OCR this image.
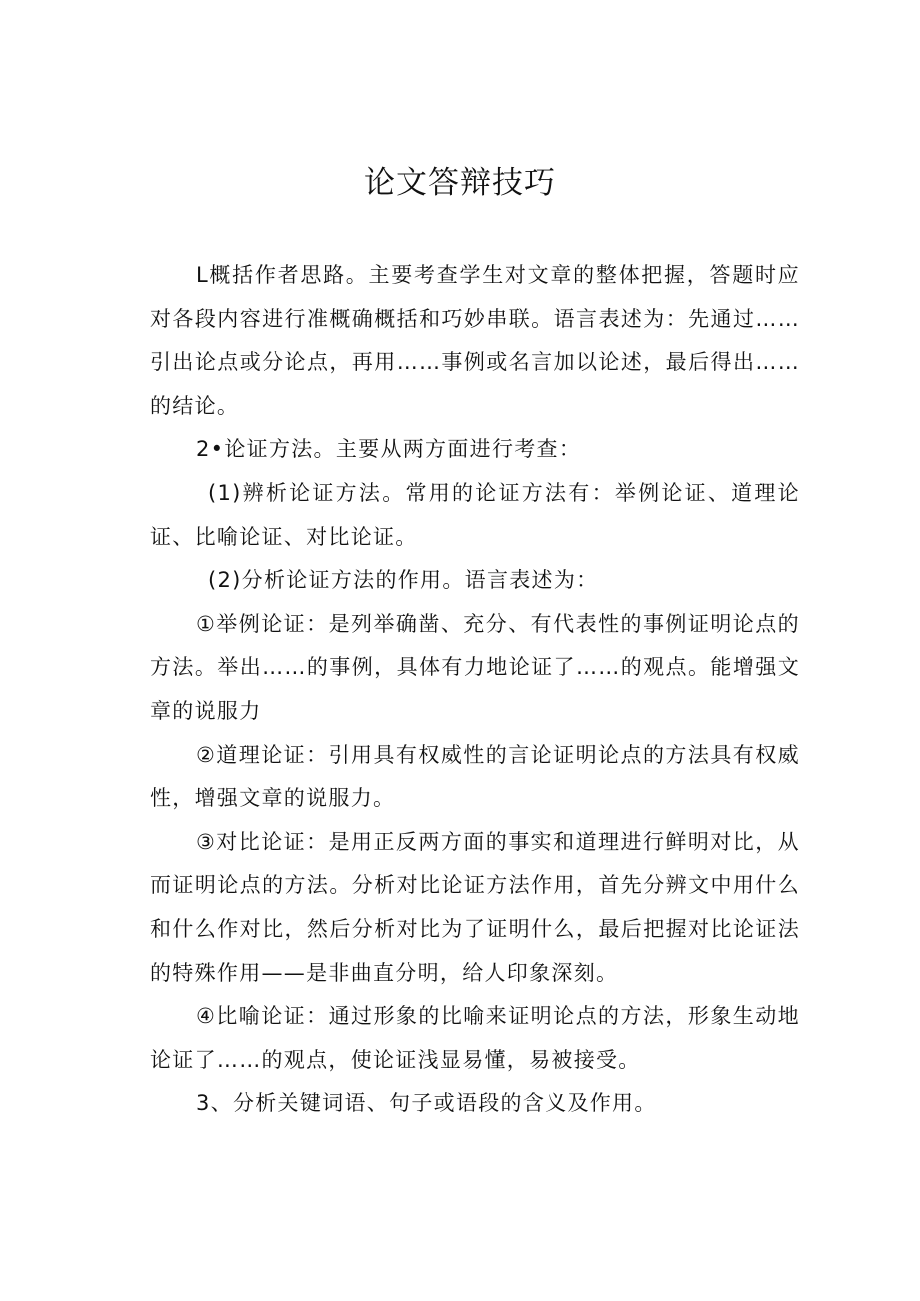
论文答辩技巧

L概括作者思路。主要考查学生对文章的整体把握，答题时应对各段内容进行准概确概括和巧妙串联。语言表述为：先通过……引出论点或分论点，再用……事例或名言加以论述，最后得出……的结论。

2•论证方法。主要从两方面进行考查：

(1)辨析论证方法。常用的论证方法有：举例论证、道理论证、比喻论证、对比论证。

(2)分析论证方法的作用。语言表述为：

①举例论证：是列举确凿、充分、有代表性的事例证明论点的方法。举出……的事例，具体有力地论证了……的观点。能增强文章的说服力

②道理论证：引用具有权威性的言论证明论点的方法具有权威性，增强文章的说服力。

③对比论证：是用正反两方面的事实和道理进行鲜明对比，从而证明论点的方法。分析对比论证方法作用，首先分辨文中用什么和什么作对比，然后分析对比为了证明什么，最后把握对比论证法的特殊作用——是非曲直分明，给人印象深刻。

④比喻论证：通过形象的比喻来证明论点的方法，形象生动地论证了……的观点，使论证浅显易懂，易被接受。

3、分析关键词语、句子或语段的含义及作用。
